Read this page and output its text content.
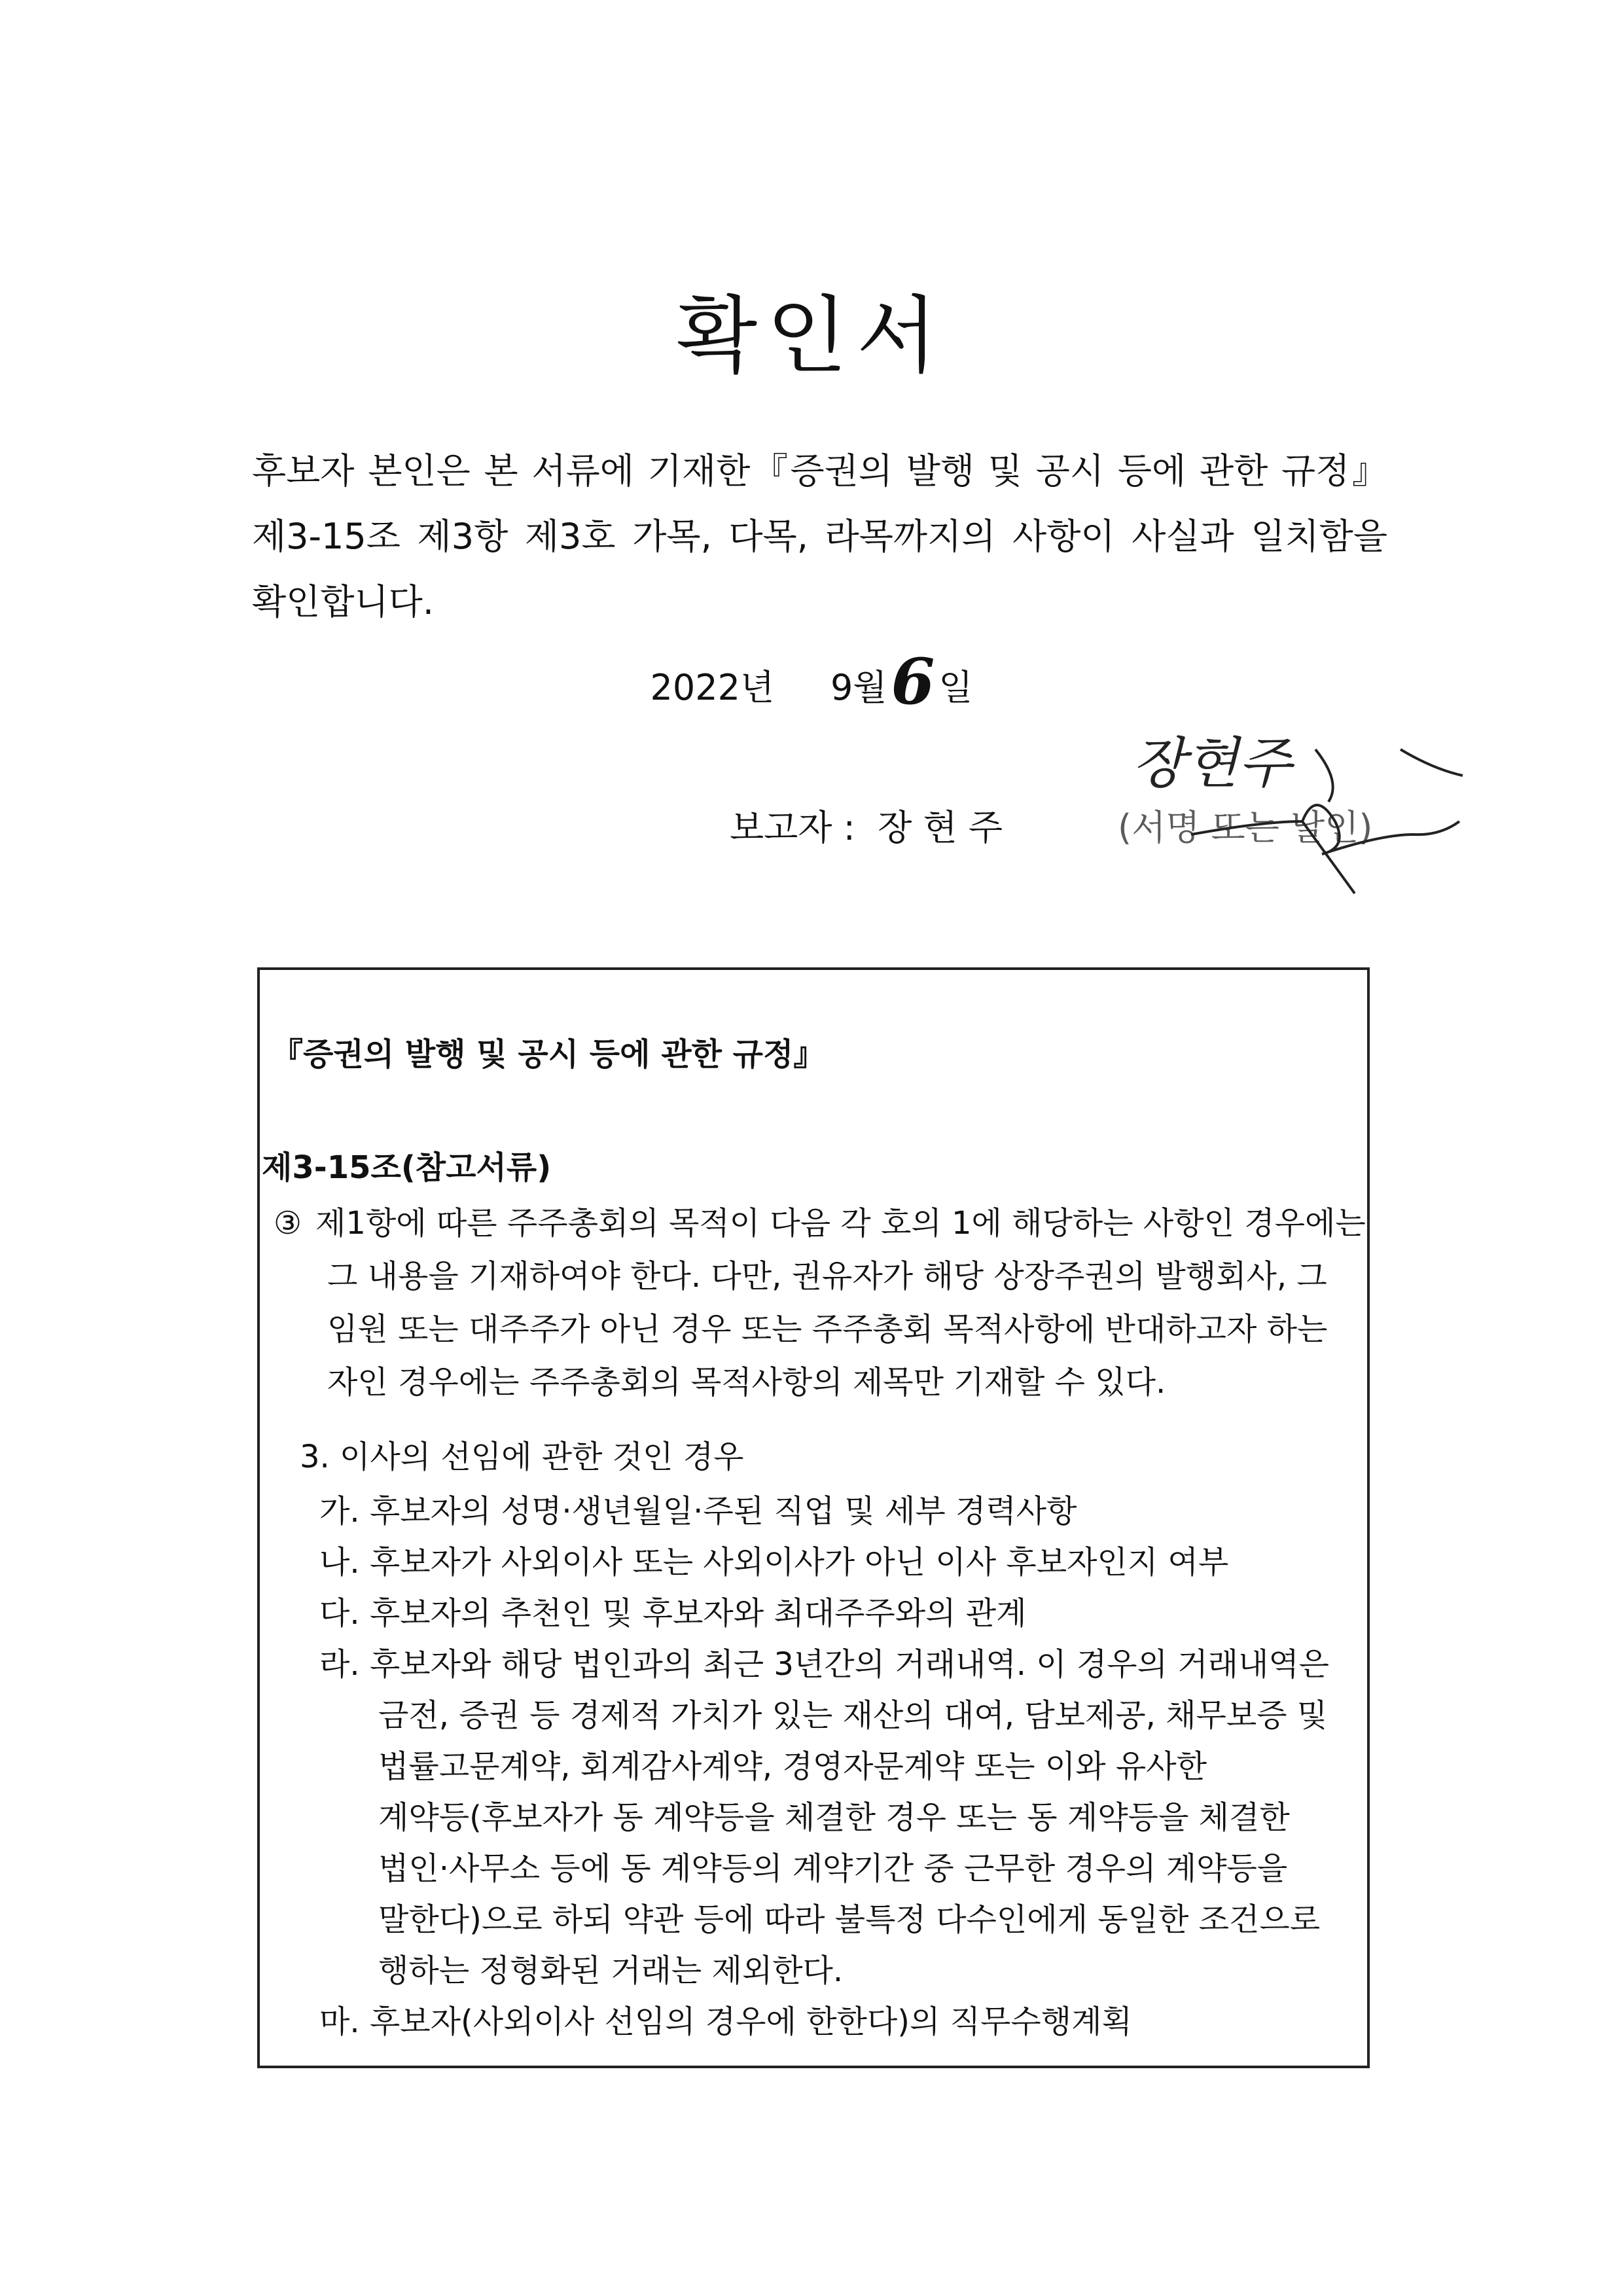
확인서
후보자 본인은 본 서류에 기재한『증권의 발행 및 공시 등에 관한 규정』제3-15조 제3항 제3호 가목, 다목, 라목까지의 사항이 사실과 일치함을 확인합니다.
2022년 9월6 일
보고자 : 장 현 주	(서명 또는 날인)
장현주
『증권의 발행 및 공시 등에 관한 규정』
제3-15조(참고서류)
③ 제1항에 따른 주주총회의 목적이 다음 각 호의 1에 해당하는 사항인 경우에는
그 내용을 기재하여야 한다. 다만, 권유자가 해당 상장주권의 발행회사, 그
임원 또는 대주주가 아닌 경우 또는 주주총회 목적사항에 반대하고자 하는
자인 경우에는 주주총회의 목적사항의 제목만 기재할 수 있다.
3. 이사의 선임에 관한 것인 경우
가. 후보자의 성명·생년월일·주된 직업 및 세부 경력사항
나. 후보자가 사외이사 또는 사외이사가 아닌 이사 후보자인지 여부
다. 후보자의 추천인 및 후보자와 최대주주와의 관계
라. 후보자와 해당 법인과의 최근 3년간의 거래내역. 이 경우의 거래내역은
금전, 증권 등 경제적 가치가 있는 재산의 대여, 담보제공, 채무보증 및
법률고문계약, 회계감사계약, 경영자문계약 또는 이와 유사한
계약등(후보자가 동 계약등을 체결한 경우 또는 동 계약등을 체결한
법인·사무소 등에 동 계약등의 계약기간 중 근무한 경우의 계약등을
말한다)으로 하되 약관 등에 따라 불특정 다수인에게 동일한 조건으로
행하는 정형화된 거래는 제외한다.
마. 후보자(사외이사 선임의 경우에 한한다)의 직무수행계획
